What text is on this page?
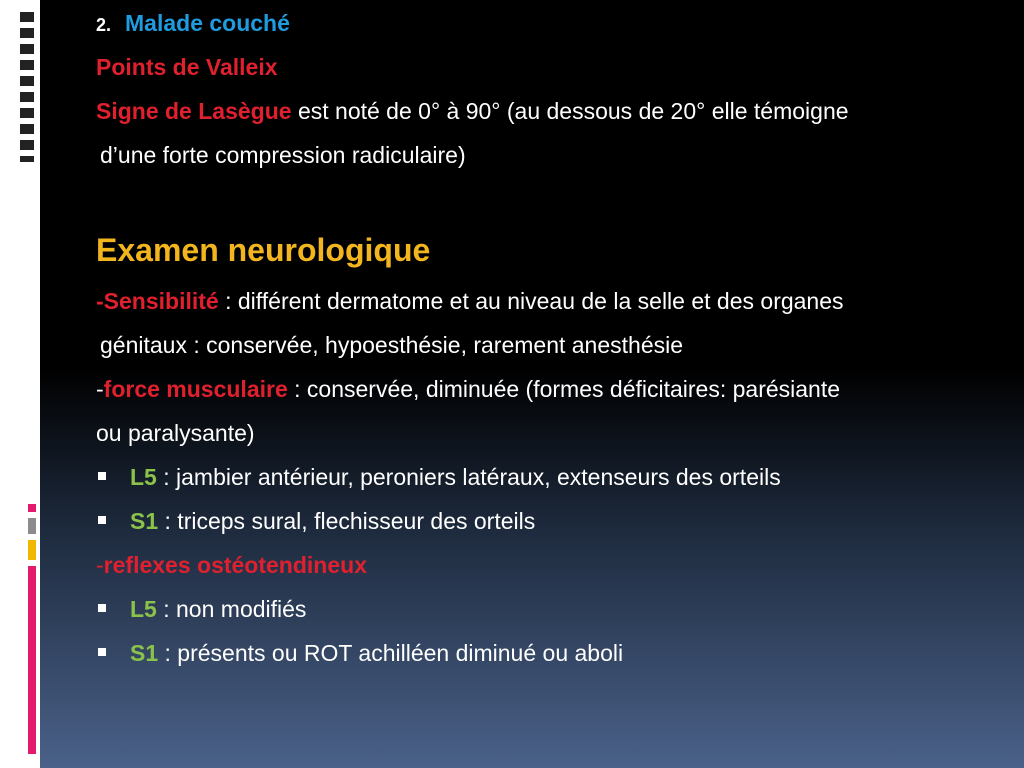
2. Malade couché
Points de Valleix
Signe de Lasègue est noté de 0° à 90° (au dessous de 20° elle témoigne
d’une forte compression radiculaire)
Examen neurologique
-Sensibilité : différent dermatome et au niveau de la selle et des organes
génitaux : conservée, hypoesthésie, rarement anesthésie
-force musculaire : conservée, diminuée (formes déficitaires: parésiante
ou paralysante)
L5 : jambier antérieur, peroniers latéraux, extenseurs des orteils
S1 : triceps sural, flechisseur des orteils
-reflexes ostéotendineux
L5 : non modifiés
S1 : présents ou ROT achilléen diminué ou aboli
